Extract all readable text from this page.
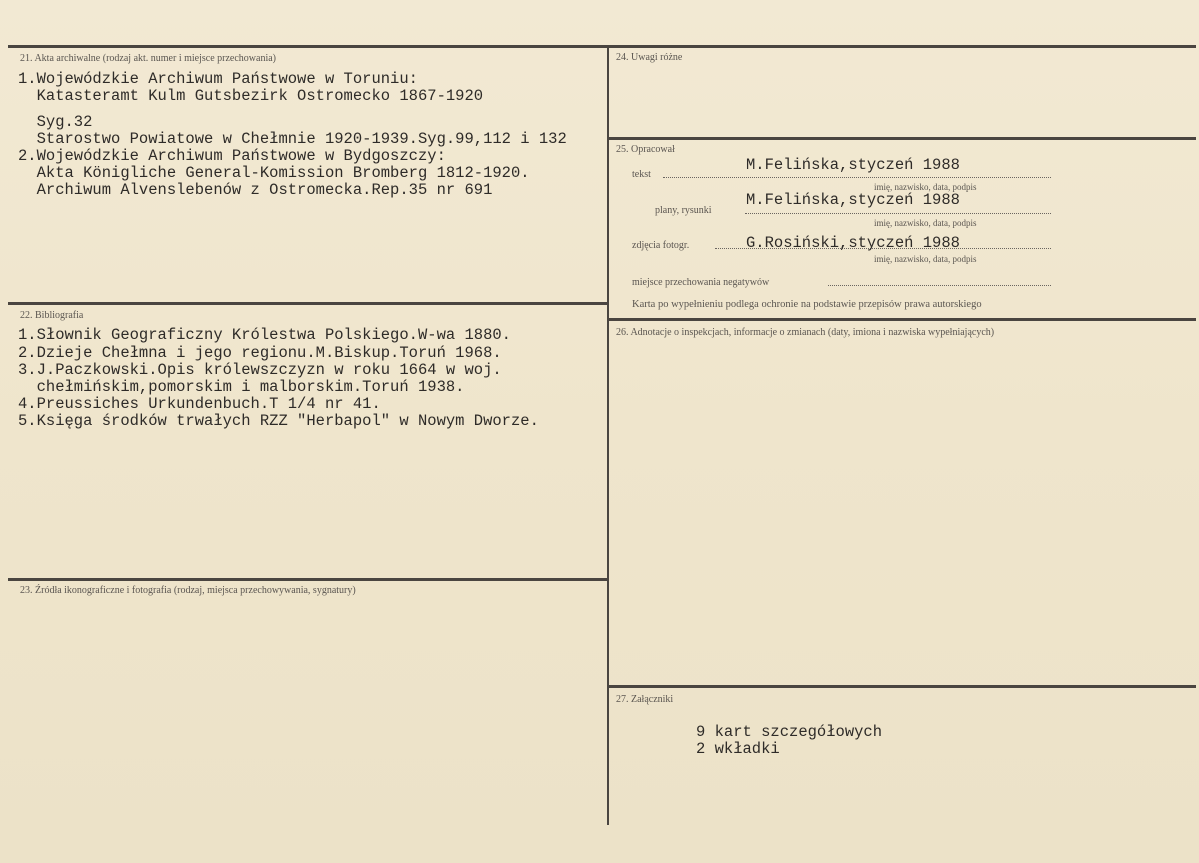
21. Akta archiwalne (rodzaj akt. numer i miejsce przechowania)
1.Wojewódzkie Archiwum Państwowe w Toruniu:
Katasteramt Kulm Gutsbezirk Ostromecko 1867-1920
Syg.32
Starostwo Powiatowe w Chełmnie 1920-1939.Syg.99,112 i 132
2.Wojewódzkie Archiwum Państwowe w Bydgoszczy:
Akta Königliche General-Komission Bromberg 1812-1920.
Archiwum Alvenslebenów z Ostromecka.Rep.35 nr 691
22. Bibliografia
1.Słownik Geograficzny Królestwa Polskiego.W-wa 1880.
2.Dzieje Chełmna i jego regionu.M.Biskup.Toruń 1968.
3.J.Paczkowski.Opis królewszczyzn w roku 1664 w woj.
chełmińskim,pomorskim i malborskim.Toruń 1938.
4.Preussiches Urkundenbuch.T 1/4 nr 41.
5.Księga środków trwałych RZZ "Herbapol" w Nowym Dworze.
23. Źródła ikonograficzne i fotografia (rodzaj, miejsca przechowywania, sygnatury)
24. Uwagi różne
25. Opracował
tekst
M.Felińska,styczeń 1988
imię, nazwisko, data, podpis
plany, rysunki
M.Felińska,styczeń 1988
imię, nazwisko, data, podpis
zdjęcia fotogr.	G.Rosiński,styczeń 1988
imię, nazwisko, data, podpis
miejsce przechowania negatywów
Karta po wypełnieniu podlega ochronie na podstawie przepisów prawa autorskiego
26. Adnotacje o inspekcjach, informacje o zmianach (daty, imiona i nazwiska wypełniających)
27. Załączniki
9 kart szczegółowych
2 wkładki
